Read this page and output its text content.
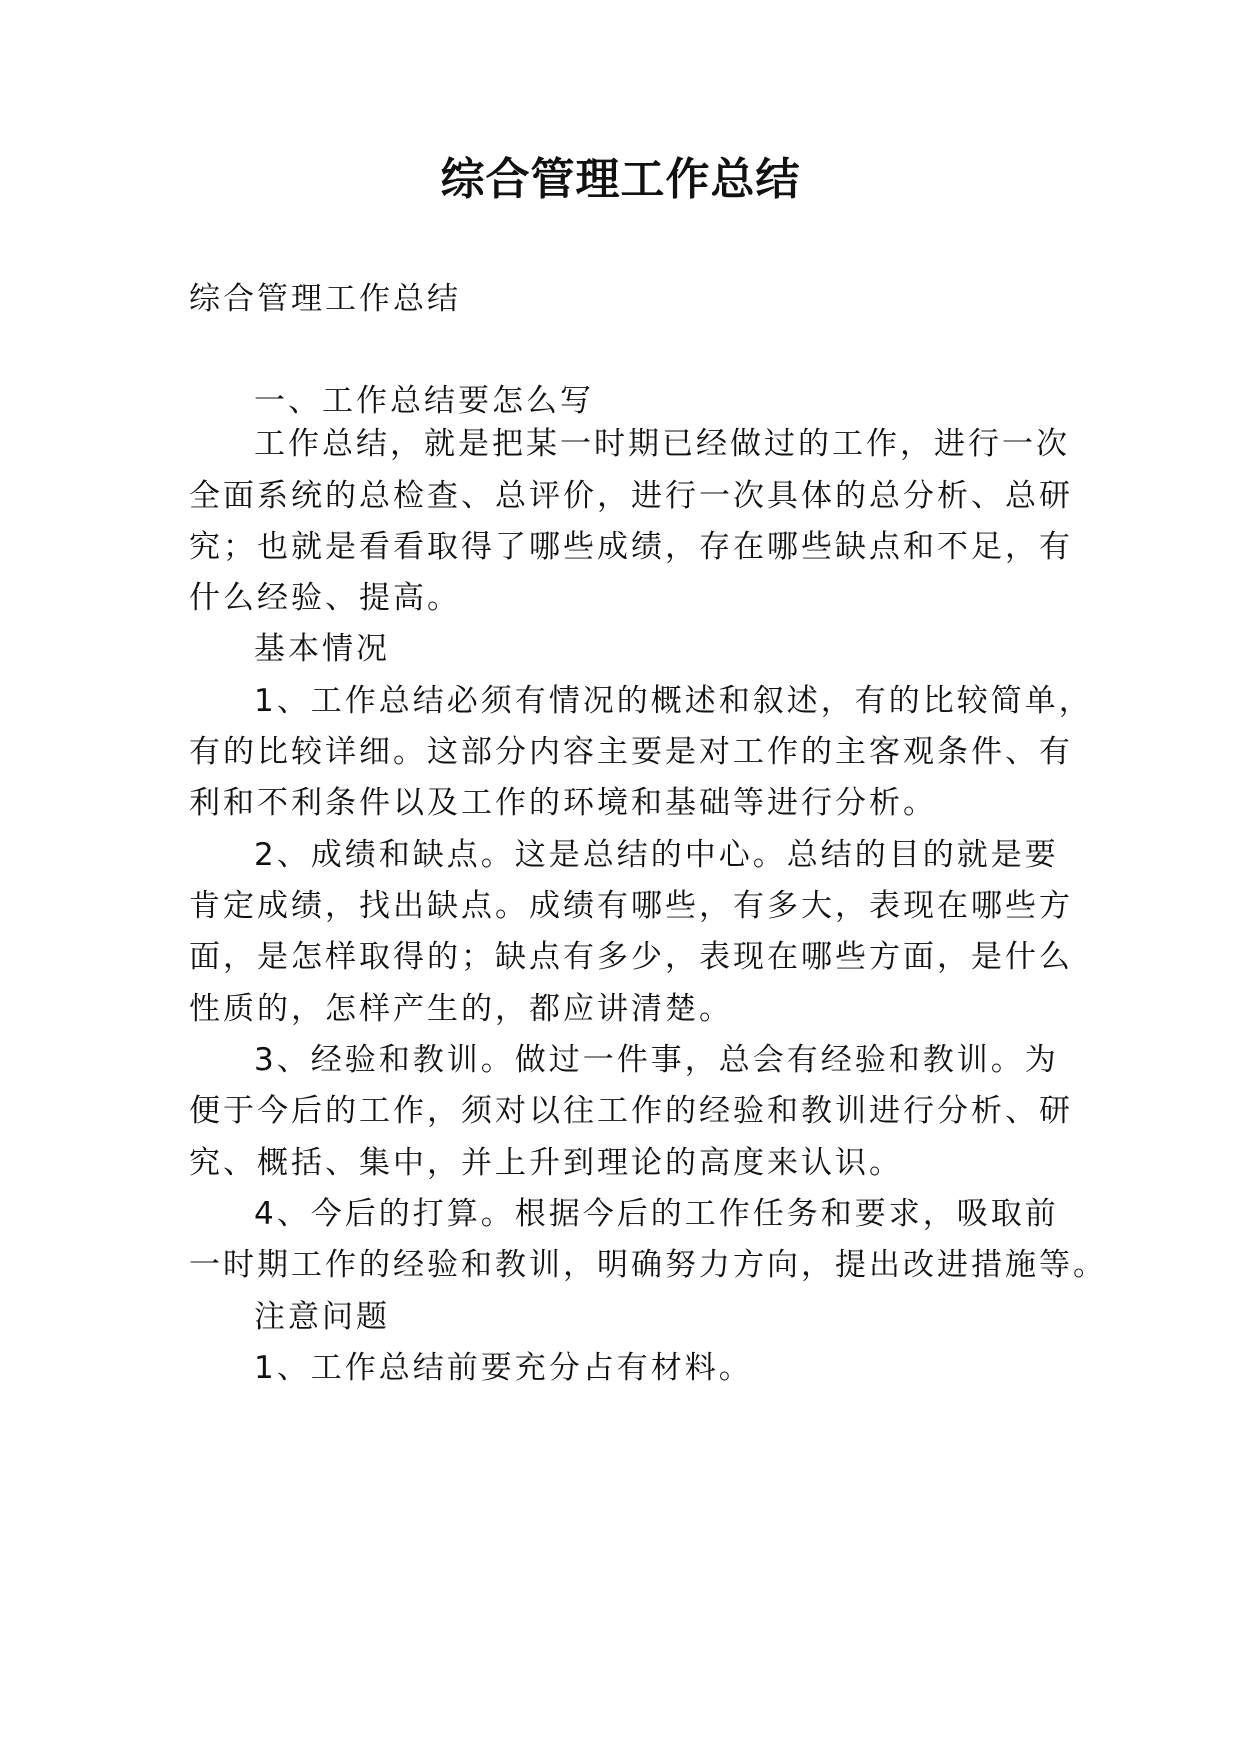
综合管理工作总结

综合管理工作总结

一、工作总结要怎么写

工作总结，就是把某一时期已经做过的工作，进行一次

全面系统的总检查、总评价，进行一次具体的总分析、总研

究；也就是看看取得了哪些成绩，存在哪些缺点和不足，有

什么经验、提高。

基本情况

1、工作总结必须有情况的概述和叙述，有的比较简单，

有的比较详细。这部分内容主要是对工作的主客观条件、有

利和不利条件以及工作的环境和基础等进行分析。

2、成绩和缺点。这是总结的中心。总结的目的就是要

肯定成绩，找出缺点。成绩有哪些，有多大，表现在哪些方

面，是怎样取得的；缺点有多少，表现在哪些方面，是什么

性质的，怎样产生的，都应讲清楚。

3、经验和教训。做过一件事，总会有经验和教训。为

便于今后的工作，须对以往工作的经验和教训进行分析、研

究、概括、集中，并上升到理论的高度来认识。

4、今后的打算。根据今后的工作任务和要求，吸取前

一时期工作的经验和教训，明确努力方向，提出改进措施等。

注意问题

1、工作总结前要充分占有材料。
